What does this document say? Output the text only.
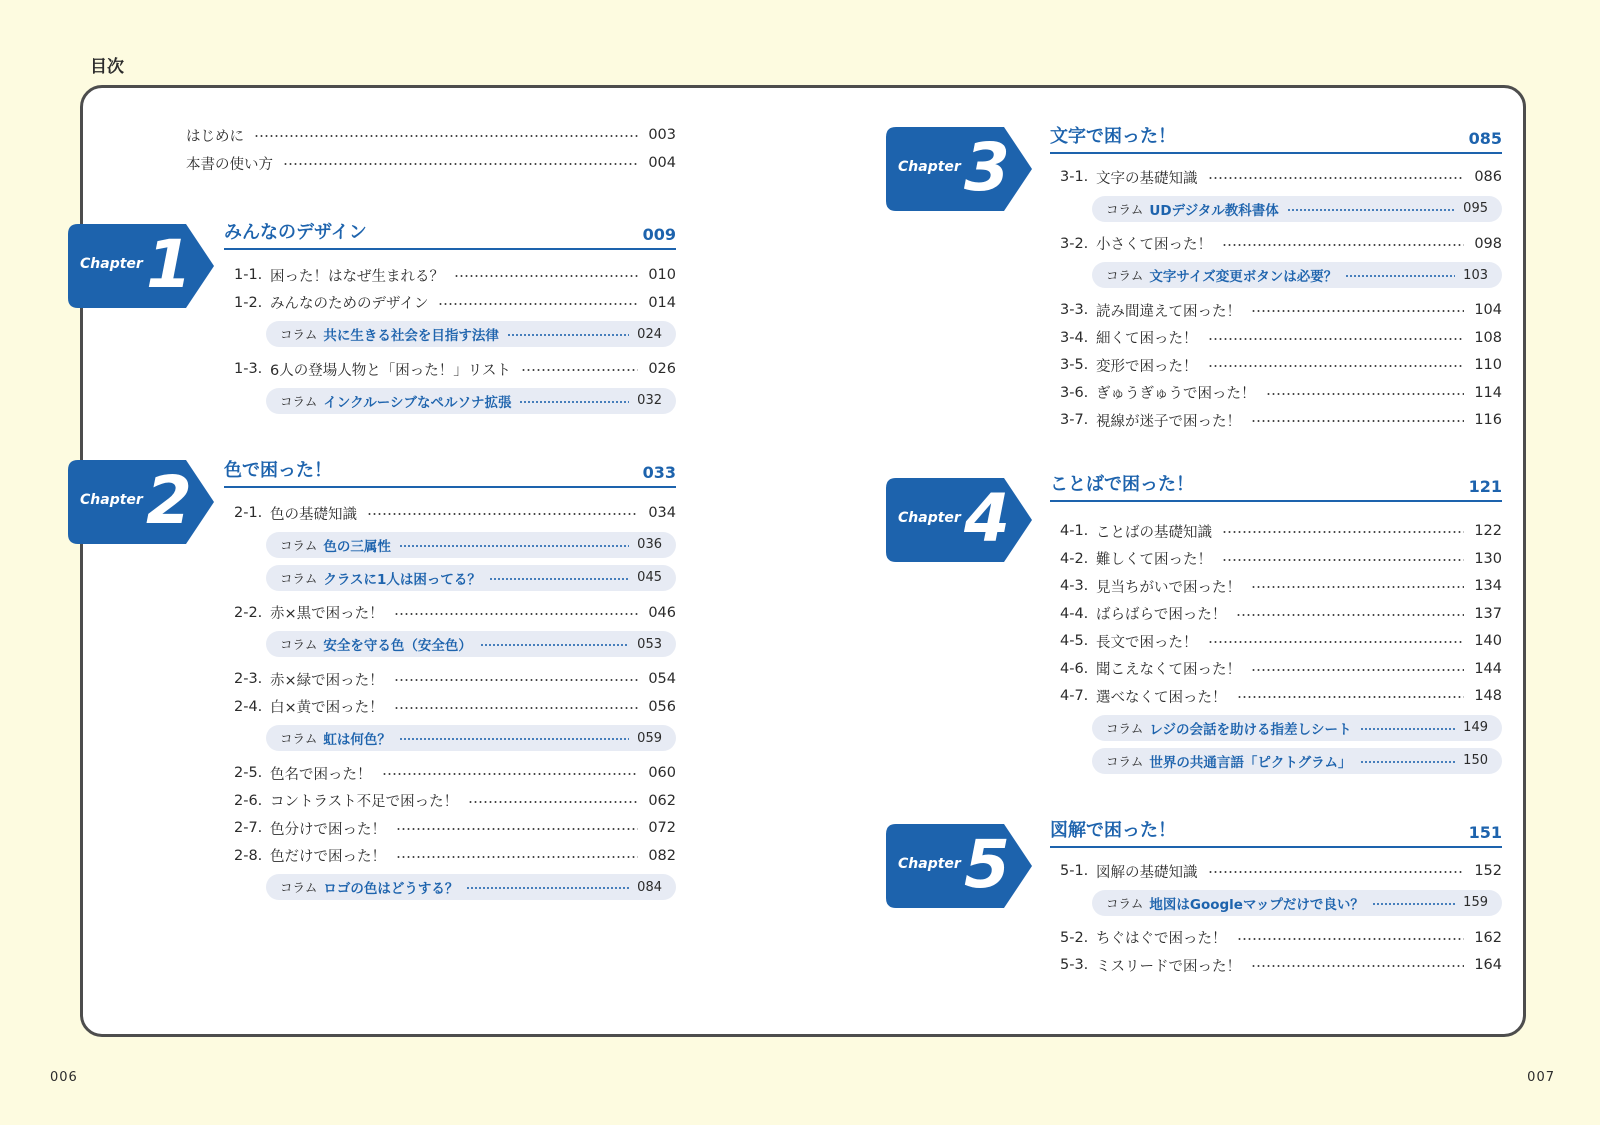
目次
はじめに	003
本書の使い方	004
Chapter 1 みんなのデザイン	009
1-1. 困った！はなぜ生まれる？	010
1-2. みんなのためのデザイン	014
コラム 共に生きる社会を目指す法律	024
1-3. 6人の登場人物と「困った！」リスト	026
コラム インクルーシブなペルソナ拡張	032
Chapter 2 色で困った！	033
2-1. 色の基礎知識	034
コラム 色の三属性	036
コラム クラスに1人は困ってる？	045
2-2. 赤×黒で困った！	046
コラム 安全を守る色（安全色）	053
2-3. 赤×緑で困った！	054
2-4. 白×黄で困った！	056
コラム 虹は何色？	059
2-5. 色名で困った！	060
2-6. コントラスト不足で困った！	062
2-7. 色分けで困った！	072
2-8. 色だけで困った！	082
コラム ロゴの色はどうする？	084
Chapter 3 文字で困った！	085
3-1. 文字の基礎知識	086
コラム UDデジタル教科書体	095
3-2. 小さくて困った！	098
コラム 文字サイズ変更ボタンは必要？	103
3-3. 読み間違えて困った！	104
3-4. 細くて困った！	108
3-5. 変形で困った！	110
3-6. ぎゅうぎゅうで困った！	114
3-7. 視線が迷子で困った！	116
Chapter 4 ことばで困った！	121
4-1. ことばの基礎知識	122
4-2. 難しくて困った！	130
4-3. 見当ちがいで困った！	134
4-4. ばらばらで困った！	137
4-5. 長文で困った！	140
4-6. 聞こえなくて困った！	144
4-7. 選べなくて困った！	148
コラム レジの会話を助ける指差しシート	149
コラム 世界の共通言語「ピクトグラム」	150
Chapter 5 図解で困った！	151
5-1. 図解の基礎知識	152
コラム 地図はGoogleマップだけで良い？	159
5-2. ちぐはぐで困った！	162
5-3. ミスリードで困った！	164
006	007
